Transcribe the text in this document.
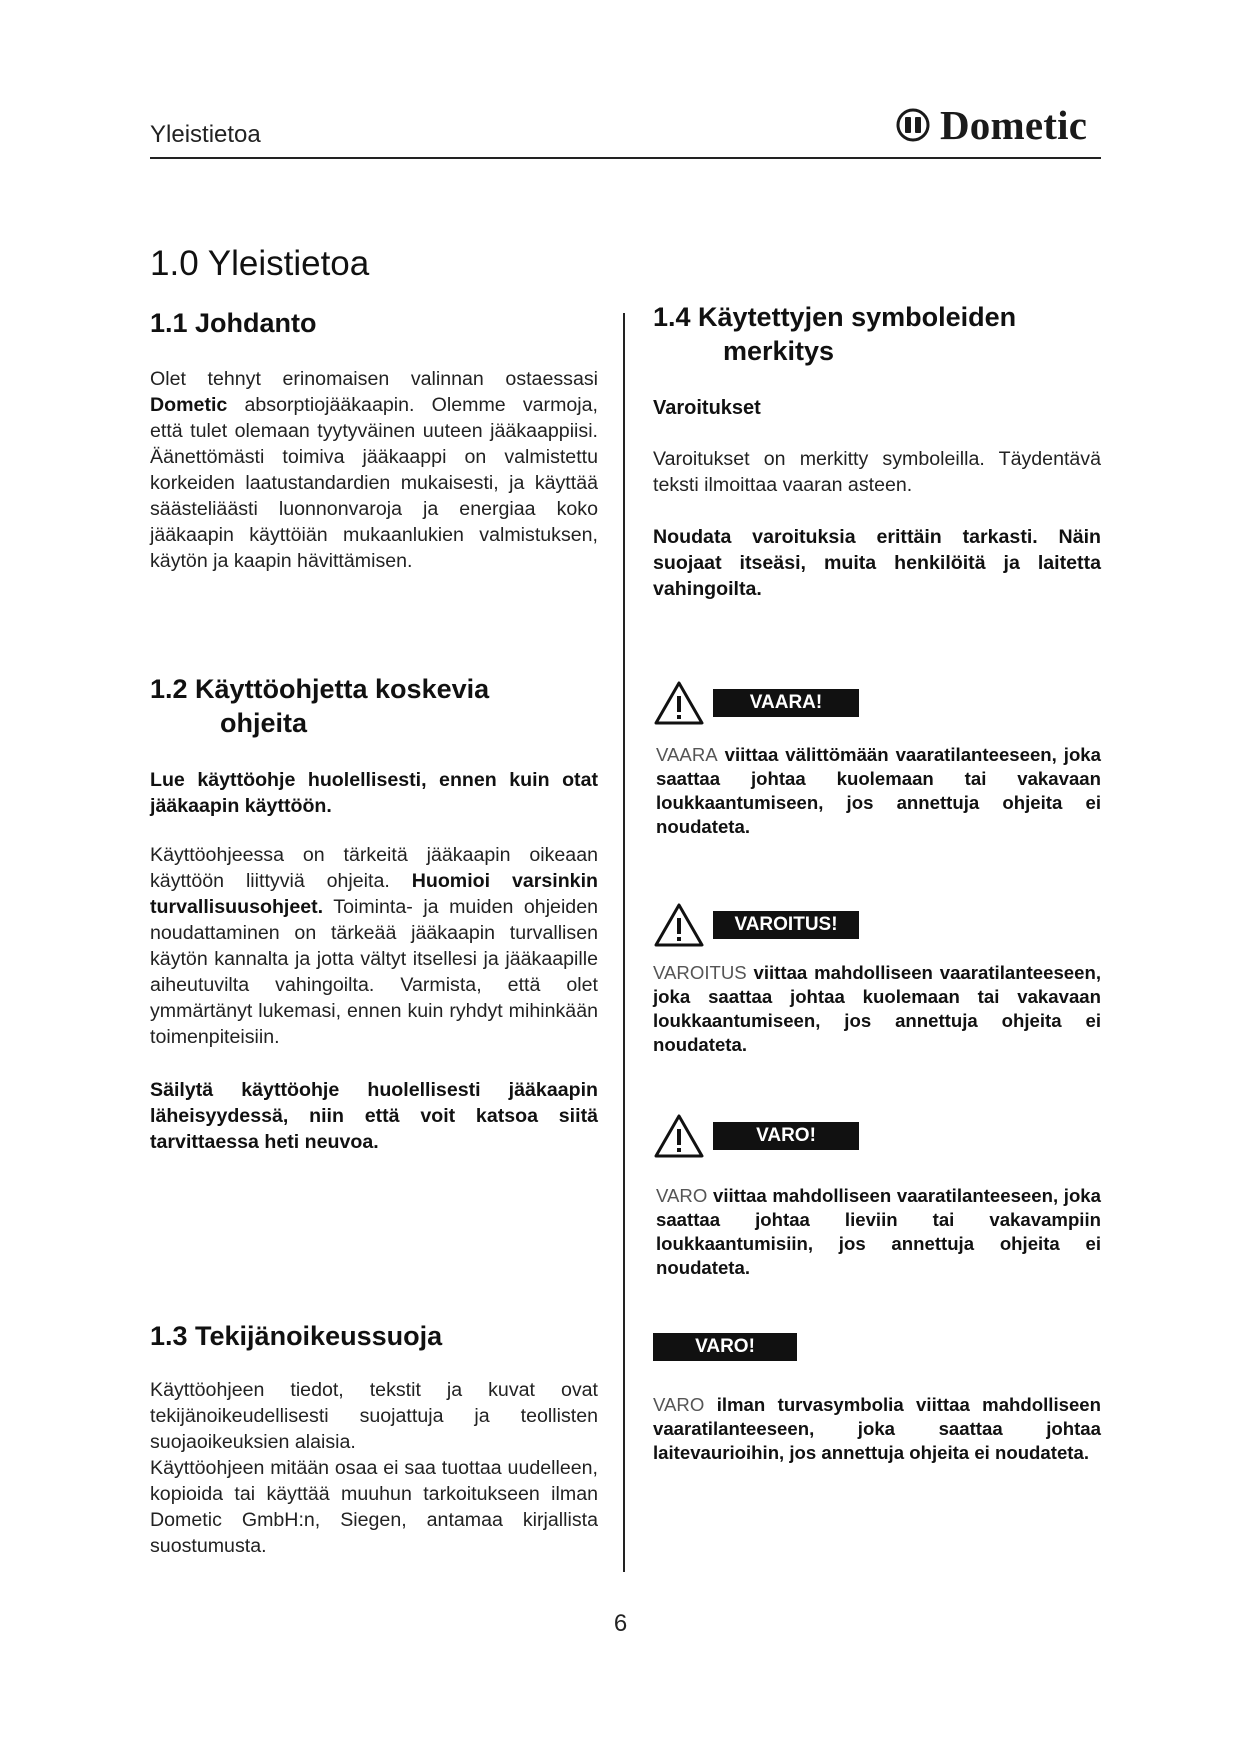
Yleistietoa	Dometic
1.0 Yleistietoa
1.1 Johdanto
Olet tehnyt erinomaisen valinnan ostaessasi Dometic absorptiojääkaapin. Olemme varmoja, että tulet olemaan tyytyväinen uuteen jääkaappiisi. Äänettömästi toimiva jääkaappi on valmistettu korkeiden laatustandardien mukaisesti, ja käyttää säästeliäästi luonnonvaroja ja energiaa koko jääkaapin käyttöiän mukaanlukien valmistuksen, käytön ja kaapin hävittämisen.
1.2 Käyttöohjetta koskevia
ohjeita
Lue käyttöohje huolellisesti, ennen kuin otat jääkaapin käyttöön.
Käyttöohjeessa on tärkeitä jääkaapin oikeaan käyttöön liittyviä ohjeita. Huomioi varsinkin turvallisuusohjeet. Toiminta- ja muiden ohjeiden noudattaminen on tärkeää jääkaapin turvallisen käytön kannalta ja jotta vältyt itsellesi ja jääkaapille aiheutuvilta vahingoilta. Varmista, että olet ymmärtänyt lukemasi, ennen kuin ryhdyt mihinkään toimenpiteisiin.
Säilytä käyttöohje huolellisesti jääkaapin läheisyydessä, niin että voit katsoa siitä tarvittaessa heti neuvoa.
1.3 Tekijänoikeussuoja
Käyttöohjeen tiedot, tekstit ja kuvat ovat tekijänoikeudellisesti suojattuja ja teollisten suojaoikeuksien alaisia.
Käyttöohjeen mitään osaa ei saa tuottaa uudelleen, kopioida tai käyttää muuhun tarkoitukseen ilman Dometic GmbH:n, Siegen, antamaa kirjallista suostumusta.
1.4 Käytettyjen symboleiden
merkitys
Varoitukset
Varoitukset on merkitty symboleilla. Täydentävä teksti ilmoittaa vaaran asteen.
Noudata varoituksia erittäin tarkasti. Näin suojaat itseäsi, muita henkilöitä ja laitetta vahingoilta.
VAARA!
VAARA viittaa välittömään vaaratilanteeseen, joka saattaa johtaa kuolemaan tai vakavaan loukkaantumiseen, jos annettuja ohjeita ei noudateta.
VAROITUS!
VAROITUS viittaa mahdolliseen vaaratilanteeseen, joka saattaa johtaa kuolemaan tai vakavaan loukkaantumiseen, jos annettuja ohjeita ei noudateta.
VARO!
VARO viittaa mahdolliseen vaaratilanteeseen, joka saattaa johtaa lieviin tai vakavampiin loukkaantumisiin, jos annettuja ohjeita ei noudateta.
VARO!
VARO ilman turvasymbolia viittaa mahdolliseen vaaratilanteeseen, joka saattaa johtaa laitevaurioihin, jos annettuja ohjeita ei noudateta.
6
